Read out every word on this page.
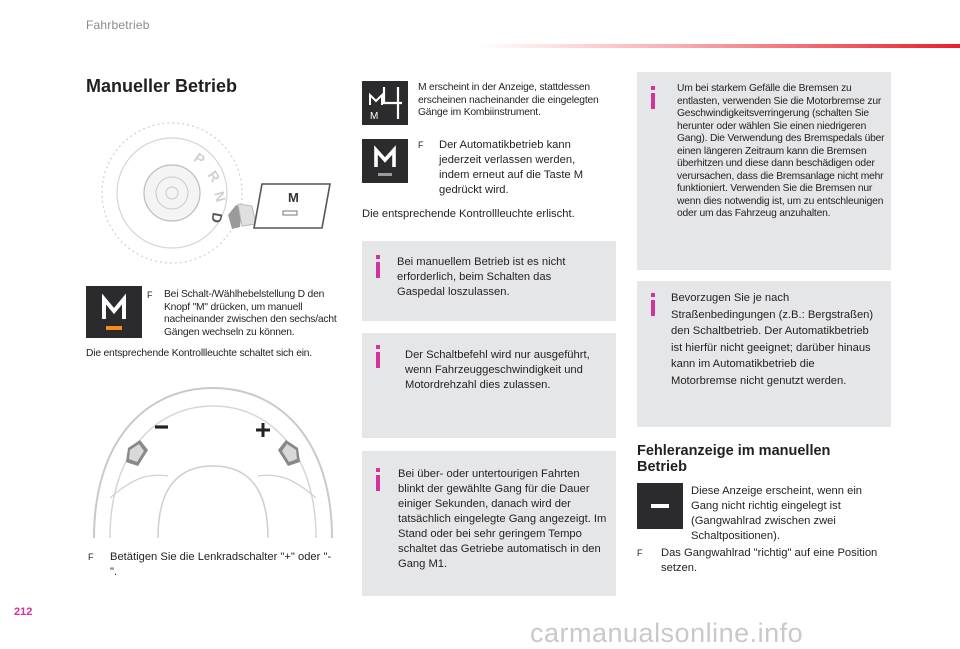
Fahrbetrieb
Manueller Betrieb
P
R
N
D
M
F Bei Schalt-/Wählhebelstellung D den Knopf "M" drücken, um manuell nacheinander zwischen den sechs/acht Gängen wechseln zu können.
Die entsprechende Kontrollleuchte schaltet sich ein.
F Betätigen Sie die Lenkradschalter "+" oder "-".
M
M erscheint in der Anzeige, stattdessen erscheinen nacheinander die eingelegten Gänge im Kombiinstrument.
F Der Automatikbetrieb kann jederzeit verlassen werden, indem erneut auf die Taste M gedrückt wird.
Die entsprechende Kontrollleuchte erlischt.
Bei manuellem Betrieb ist es nicht erforderlich, beim Schalten das Gaspedal loszulassen.
Der Schaltbefehl wird nur ausgeführt, wenn Fahrzeuggeschwindigkeit und Motordrehzahl dies zulassen.
Bei über- oder untertourigen Fahrten blinkt der gewählte Gang für die Dauer einiger Sekunden, danach wird der tatsächlich eingelegte Gang angezeigt. Im Stand oder bei sehr geringem Tempo schaltet das Getriebe automatisch in den Gang M1.
Um bei starkem Gefälle die Bremsen zu entlasten, verwenden Sie die Motorbremse zur Geschwindigkeitsverringerung (schalten Sie herunter oder wählen Sie einen niedrigeren Gang). Die Verwendung des Bremspedals über einen längeren Zeitraum kann die Bremsen überhitzen und diese dann beschädigen oder verursachen, dass die Bremsanlage nicht mehr funktioniert. Verwenden Sie die Bremsen nur wenn dies notwendig ist, um zu entschleunigen oder um das Fahrzeug anzuhalten.
Bevorzugen Sie je nach Straßenbedingungen (z.B.: Bergstraßen) den Schaltbetrieb. Der Automatikbetrieb ist hierfür nicht geeignet; darüber hinaus kann im Automatikbetrieb die Motorbremse nicht genutzt werden.
Fehleranzeige im manuellen Betrieb
Diese Anzeige erscheint, wenn ein Gang nicht richtig eingelegt ist (Gangwahlrad zwischen zwei Schaltpositionen).
F Das Gangwahlrad "richtig" auf eine Position setzen.
212
carmanualsonline.info
